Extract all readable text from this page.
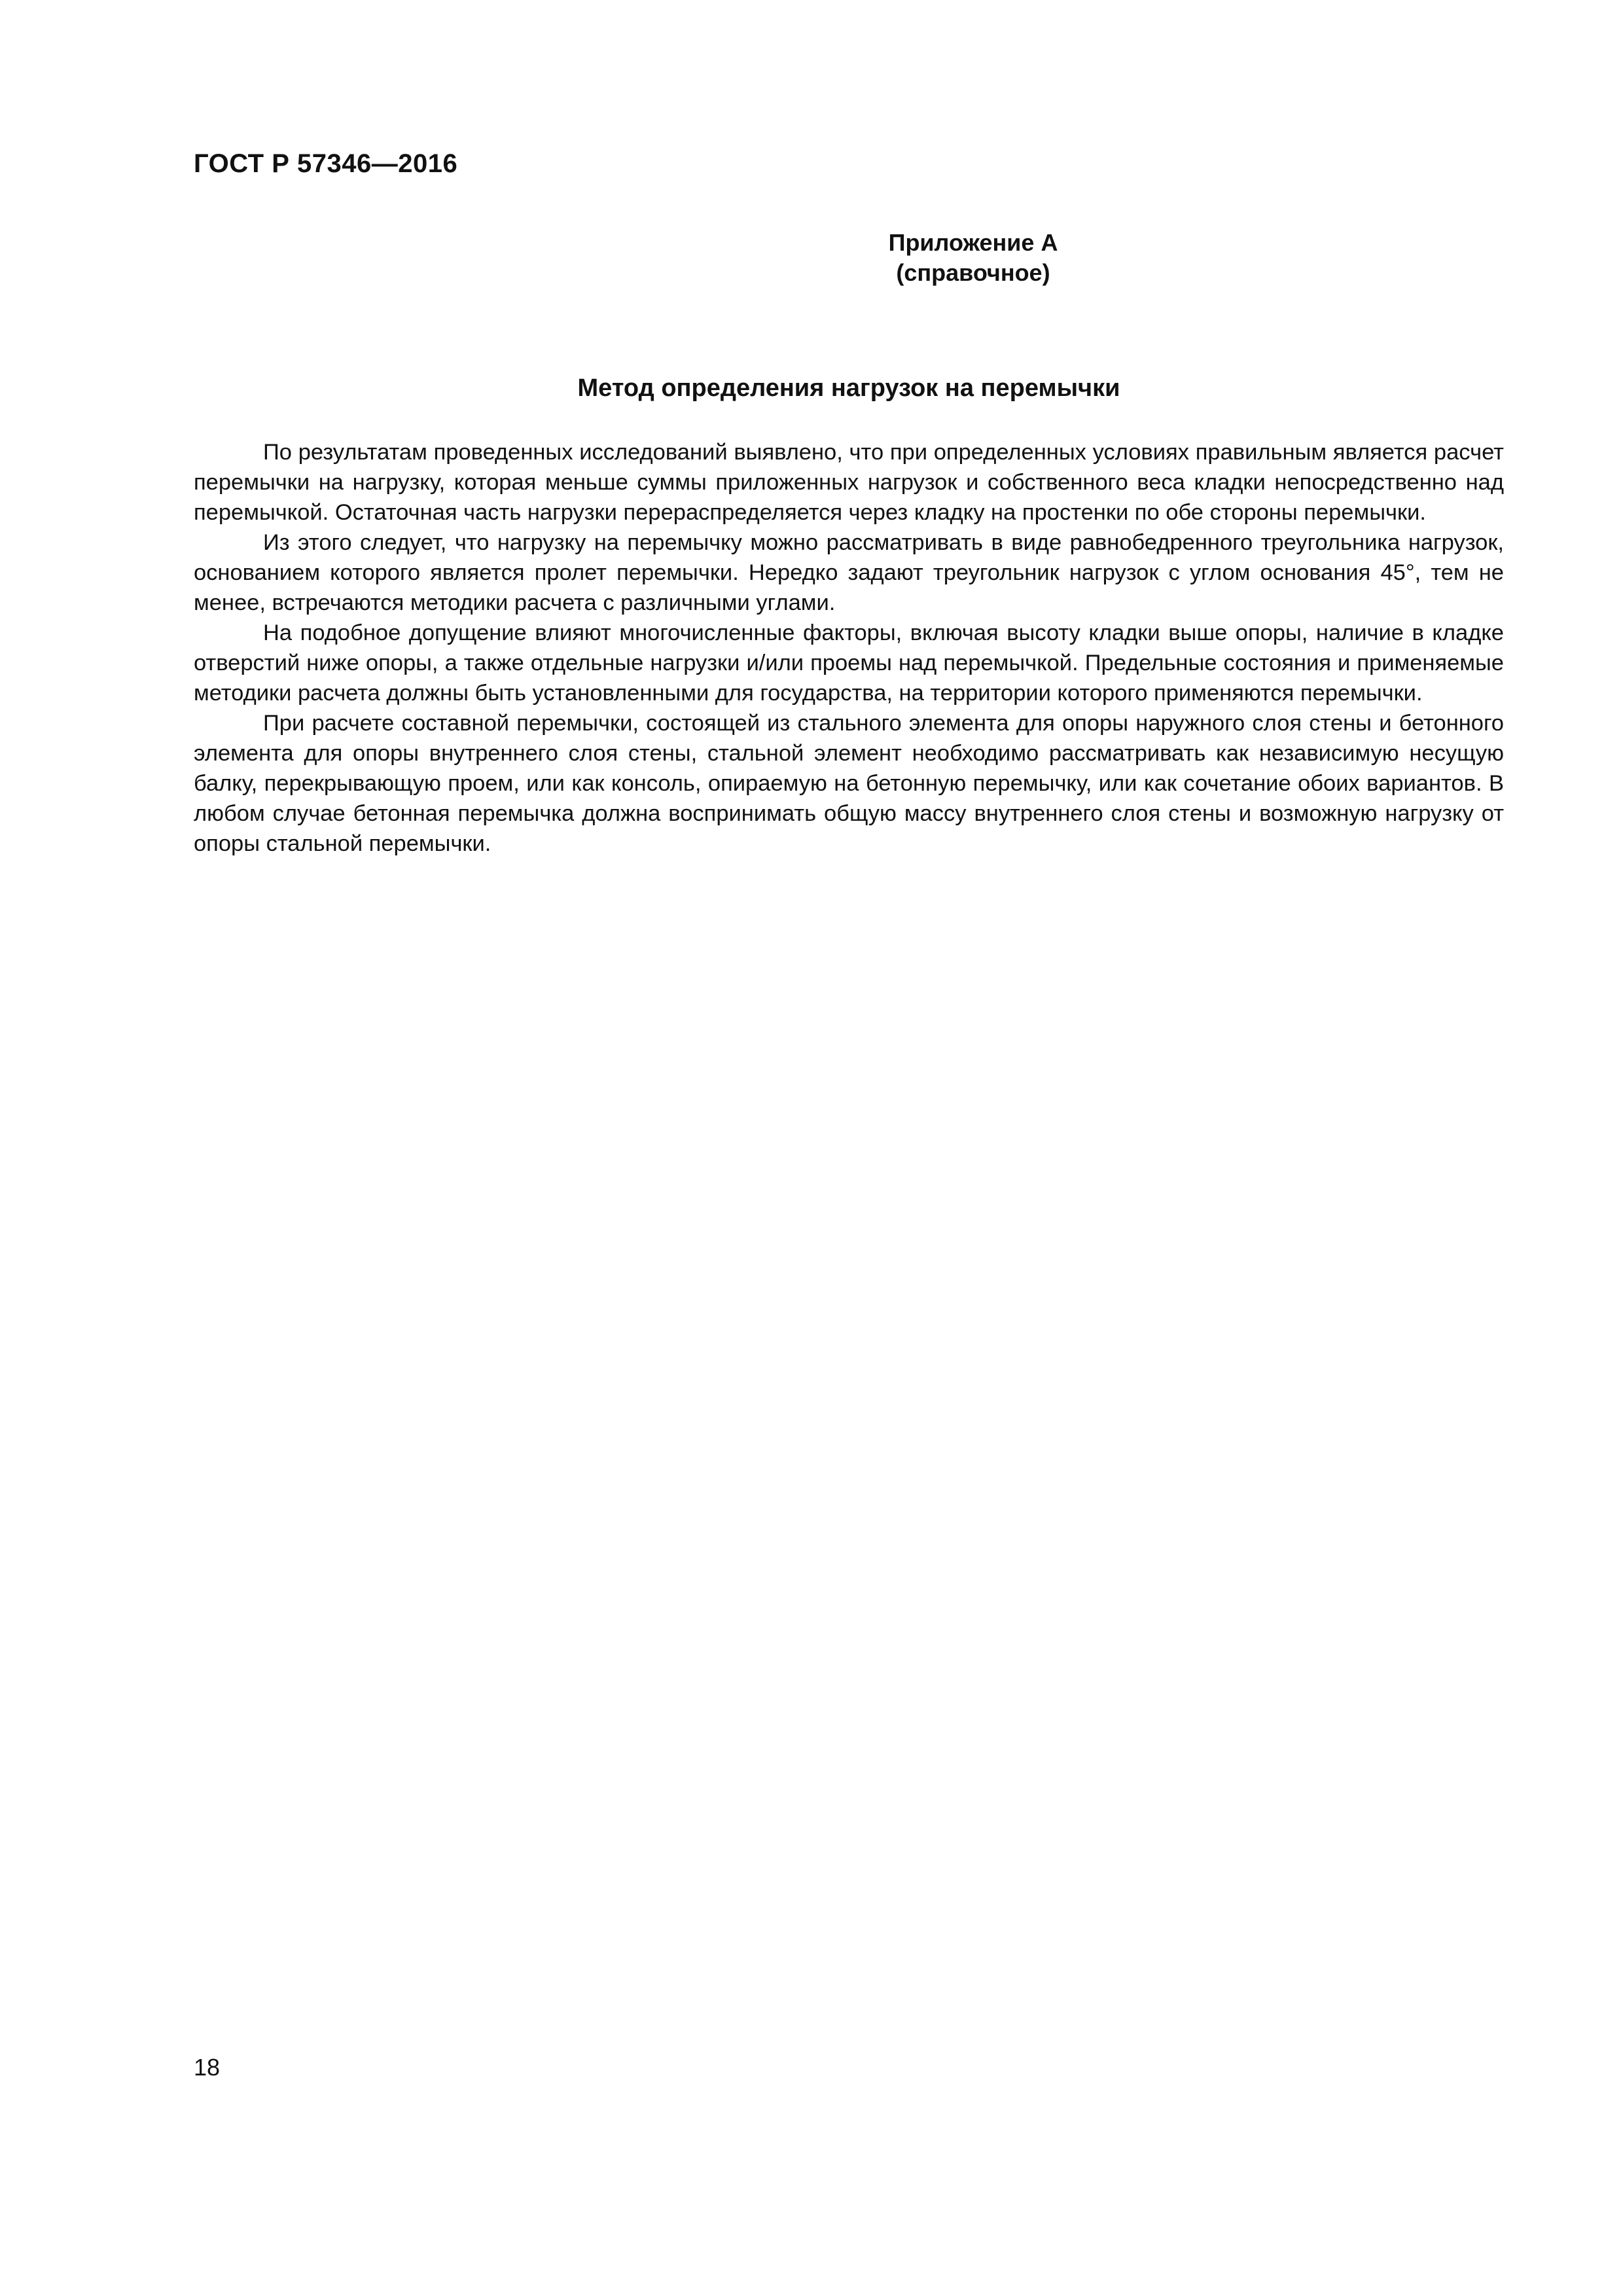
ГОСТ Р 57346—2016
Приложение А
(справочное)
Метод определения нагрузок на перемычки

По результатам проведенных исследований выявлено, что при определенных условиях правильным является расчет перемычки на нагрузку, которая меньше суммы приложенных нагрузок и собственного веса кладки непосредственно над перемычкой. Остаточная часть нагрузки перераспределяется через кладку на простенки по обе стороны перемычки.

Из этого следует, что нагрузку на перемычку можно рассматривать в виде равнобедренного треугольника нагрузок, основанием которого является пролет перемычки. Нередко задают треугольник нагрузок с углом основания 45°, тем не менее, встречаются методики расчета с различными углами.

На подобное допущение влияют многочисленные факторы, включая высоту кладки выше опоры, наличие в кладке отверстий ниже опоры, а также отдельные нагрузки и/или проемы над перемычкой. Предельные состояния и применяемые методики расчета должны быть установленными для государства, на территории которого применяются перемычки.

При расчете составной перемычки, состоящей из стального элемента для опоры наружного слоя стены и бетонного элемента для опоры внутреннего слоя стены, стальной элемент необходимо рассматривать как независимую несущую балку, перекрывающую проем, или как консоль, опираемую на бетонную перемычку, или как сочетание обоих вариантов. В любом случае бетонная перемычка должна воспринимать общую массу внутреннего слоя стены и возможную нагрузку от опоры стальной перемычки.

18
